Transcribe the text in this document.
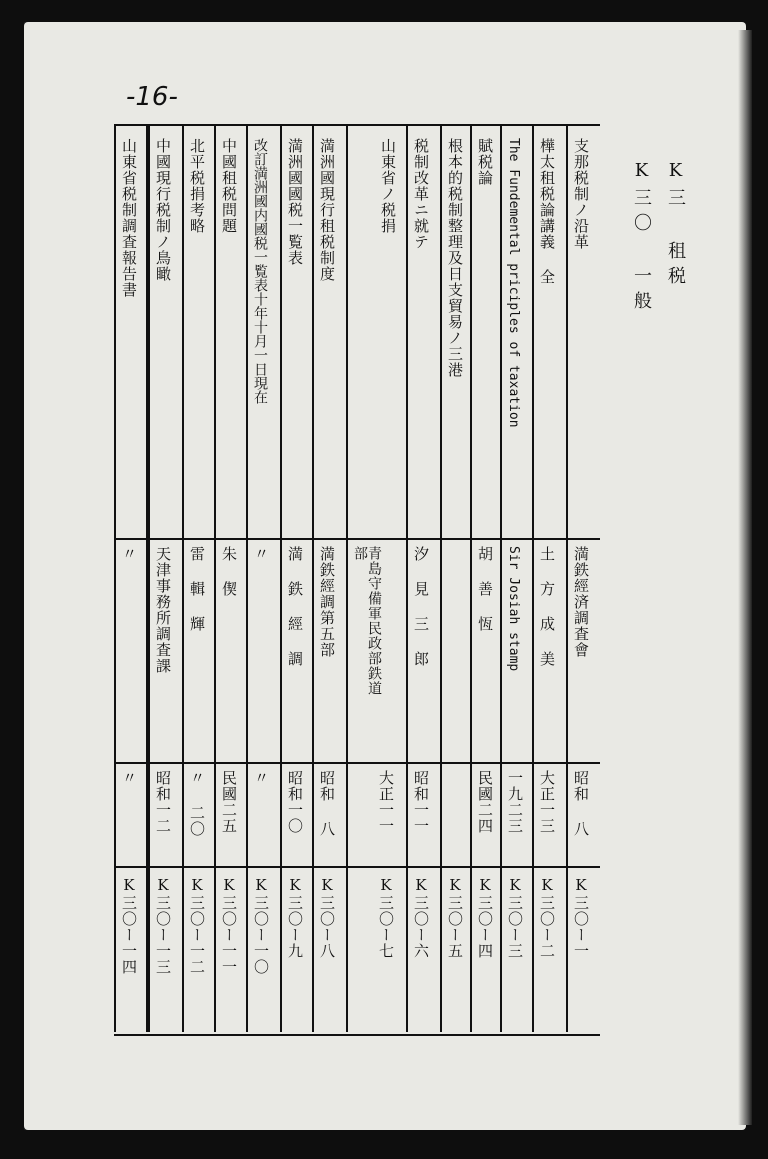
-16-
K三 租税
K三〇 一般
支那税制ノ沿革
満鉄經済調査會
昭和 八
K三〇ー一
樺太租税論講義 全
土 方 成 美
大正一三
K三〇ー二
The Fundemental priciples of taxation
Sir Josiah stamp
一九二三
K三〇ー三
賦税論
胡 善 恆
民國二四
K三〇ー四
根本的税制整理及日支貿易ノ三港
K三〇ー五
税制改革ニ就テ
汐 見 三 郎
昭和一一
K三〇ー六
山東省ノ税捐
青島守備軍民政部鉄道部
大正一一
K三〇ー七
満洲國現行租税制度
満鉄經調第五部
昭和 八
K三〇ー八
満洲國國税一覧表
満 鉄 經 調
昭和一〇
K三〇ー九
改訂満洲國内國税一覧表十年十月一日現在
〃
〃
K三〇ー一〇
中國租税問題
朱 偰
民國二五
K三〇ー一一
北平税捐考略
雷 輯 輝
〃 二〇
K三〇ー一二
中國現行税制ノ鳥瞰
天津事務所調査課
昭和一二
K三〇ー一三
山東省税制調査報告書
〃
〃
K三〇ー一四
